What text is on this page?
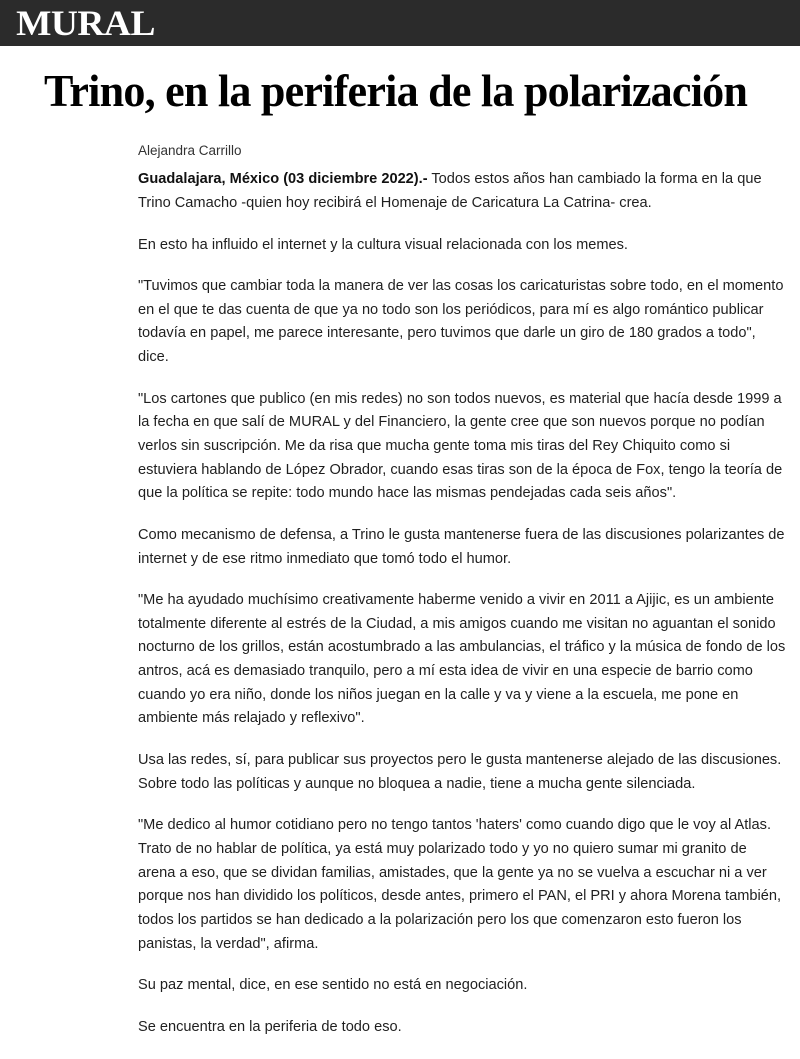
MURAL
Trino, en la periferia de la polarización
Alejandra Carrillo

Guadalajara, México (03 diciembre 2022).- Todos estos años han cambiado la forma en la que Trino Camacho -quien hoy recibirá el Homenaje de Caricatura La Catrina- crea.

En esto ha influido el internet y la cultura visual relacionada con los memes.

"Tuvimos que cambiar toda la manera de ver las cosas los caricaturistas sobre todo, en el momento en el que te das cuenta de que ya no todo son los periódicos, para mí es algo romántico publicar todavía en papel, me parece interesante, pero tuvimos que darle un giro de 180 grados a todo", dice.

"Los cartones que publico (en mis redes) no son todos nuevos, es material que hacía desde 1999 a la fecha en que salí de MURAL y del Financiero, la gente cree que son nuevos porque no podían verlos sin suscripción. Me da risa que mucha gente toma mis tiras del Rey Chiquito como si estuviera hablando de López Obrador, cuando esas tiras son de la época de Fox, tengo la teoría de que la política se repite: todo mundo hace las mismas pendejadas cada seis años".

Como mecanismo de defensa, a Trino le gusta mantenerse fuera de las discusiones polarizantes de internet y de ese ritmo inmediato que tomó todo el humor.

"Me ha ayudado muchísimo creativamente haberme venido a vivir en 2011 a Ajijic, es un ambiente totalmente diferente al estrés de la Ciudad, a mis amigos cuando me visitan no aguantan el sonido nocturno de los grillos, están acostumbrado a las ambulancias, el tráfico y la música de fondo de los antros, acá es demasiado tranquilo, pero a mí esta idea de vivir en una especie de barrio como cuando yo era niño, donde los niños juegan en la calle y va y viene a la escuela, me pone en ambiente más relajado y reflexivo".

Usa las redes, sí, para publicar sus proyectos pero le gusta mantenerse alejado de las discusiones. Sobre todo las políticas y aunque no bloquea a nadie, tiene a mucha gente silenciada.

"Me dedico al humor cotidiano pero no tengo tantos 'haters' como cuando digo que le voy al Atlas. Trato de no hablar de política, ya está muy polarizado todo y yo no quiero sumar mi granito de arena a eso, que se dividan familias, amistades, que la gente ya no se vuelva a escuchar ni a ver porque nos han dividido los políticos, desde antes, primero el PAN, el PRI y ahora Morena también, todos los partidos se han dedicado a la polarización pero los que comenzaron esto fueron los panistas, la verdad", afirma.

Su paz mental, dice, en ese sentido no está en negociación.

Se encuentra en la periferia de todo eso.
